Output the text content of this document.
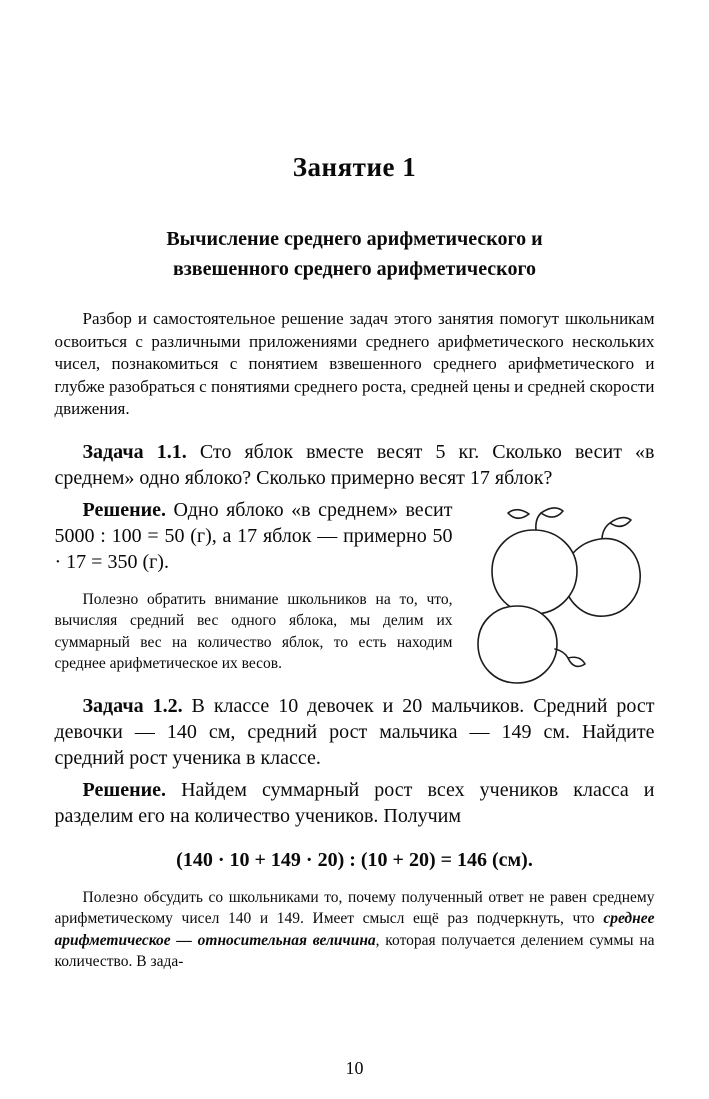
Занятие 1
Вычисление среднего арифметического и
взвешенного среднего арифметического

Разбор и самостоятельное решение задач этого занятия помогут школьникам освоиться с различными приложениями среднего арифметического нескольких чисел, познакомиться с понятием взвешенного среднего арифметического и глубже разобраться с понятиями среднего роста, средней цены и средней скорости движения.

Задача 1.1. Сто яблок вместе весят 5 кг. Сколько весит «в среднем» одно яблоко? Сколько примерно весят 17 яблок?

Решение. Одно яблоко «в среднем» весит 5000 : 100 = 50 (г), а 17 яблок — примерно 50 · 17 = 350 (г).

Полезно обратить внимание школьников на то, что, вычисляя средний вес одного яблока, мы делим их суммарный вес на количество яблок, то есть находим среднее арифметическое их весов.

Задача 1.2. В классе 10 девочек и 20 мальчиков. Средний рост девочки — 140 см, средний рост мальчика — 149 см. Найдите средний рост ученика в классе.

Решение. Найдем суммарный рост всех учеников класса и разделим его на количество учеников. Получим

(140 · 10 + 149 · 20) : (10 + 20) = 146 (см).

Полезно обсудить со школьниками то, почему полученный ответ не равен среднему арифметическому чисел 140 и 149. Имеет смысл ещё раз подчеркнуть, что среднее арифметическое — относительная величина, которая получается делением суммы на количество. В зада-

10
